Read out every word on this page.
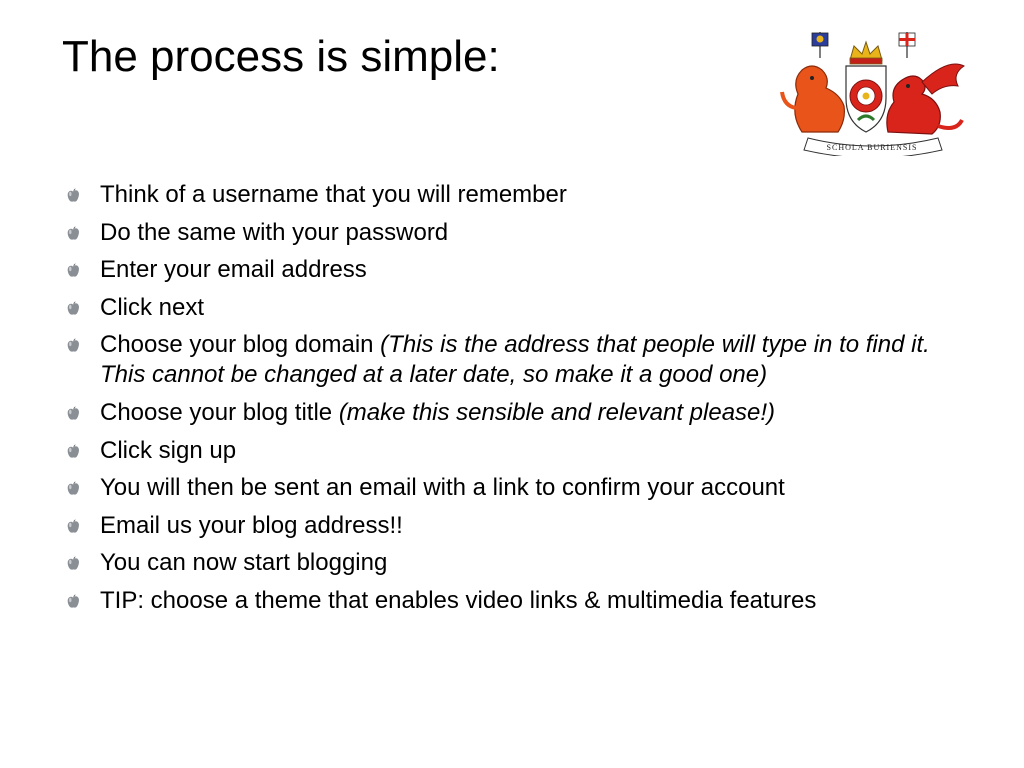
The process is simple:
SCHOLA BURIENSIS
Think of a username that you will remember
Do the same with your password
Enter your email address
Click next
Choose your blog domain (This is the address that people will type in to find it. This cannot be changed at a later date, so make it a good one)
Choose your blog title (make this sensible and relevant please!)
Click sign up
You will then be sent an email with a link to confirm your account
Email us your blog address!!
You can now start blogging
TIP: choose a theme that enables video links & multimedia features
